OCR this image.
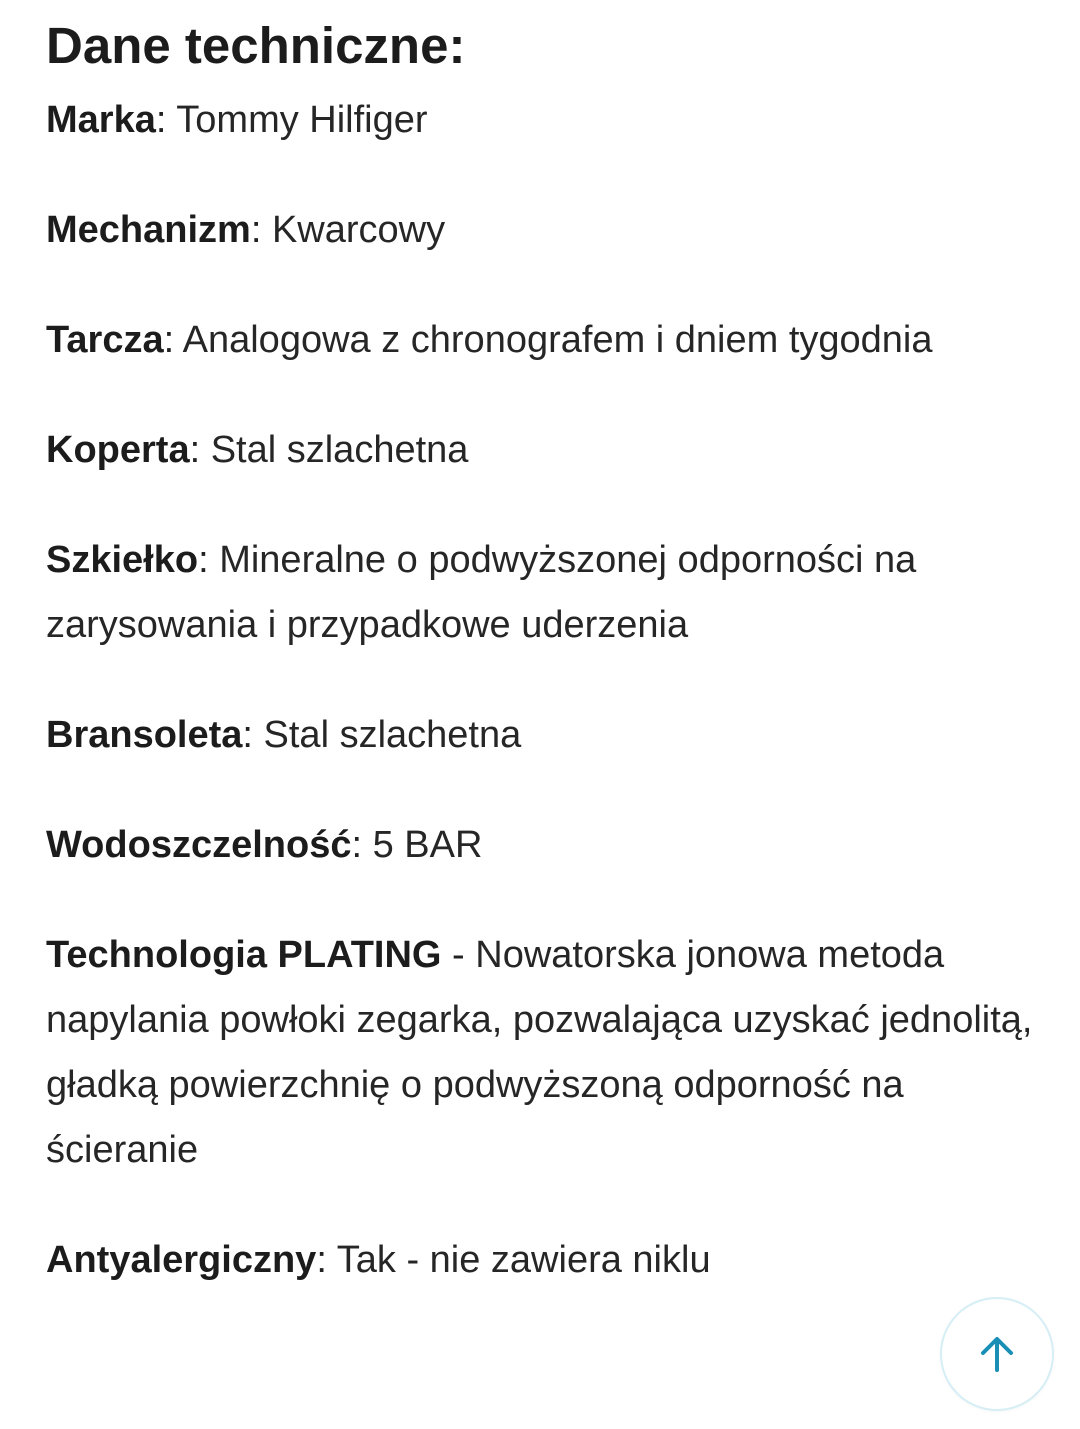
Dane techniczne:

Marka: Tommy Hilfiger

Mechanizm: Kwarcowy

Tarcza: Analogowa z chronografem i dniem tygodnia

Koperta: Stal szlachetna

Szkiełko: Mineralne o podwyższonej odporności na zarysowania i przypadkowe uderzenia

Bransoleta: Stal szlachetna

Wodoszczelność: 5 BAR

Technologia PLATING - Nowatorska jonowa metoda napylania powłoki zegarka, pozwalająca uzyskać jednolitą, gładką powierzchnię o podwyższoną odporność na ścieranie

Antyalergiczny: Tak - nie zawiera niklu
